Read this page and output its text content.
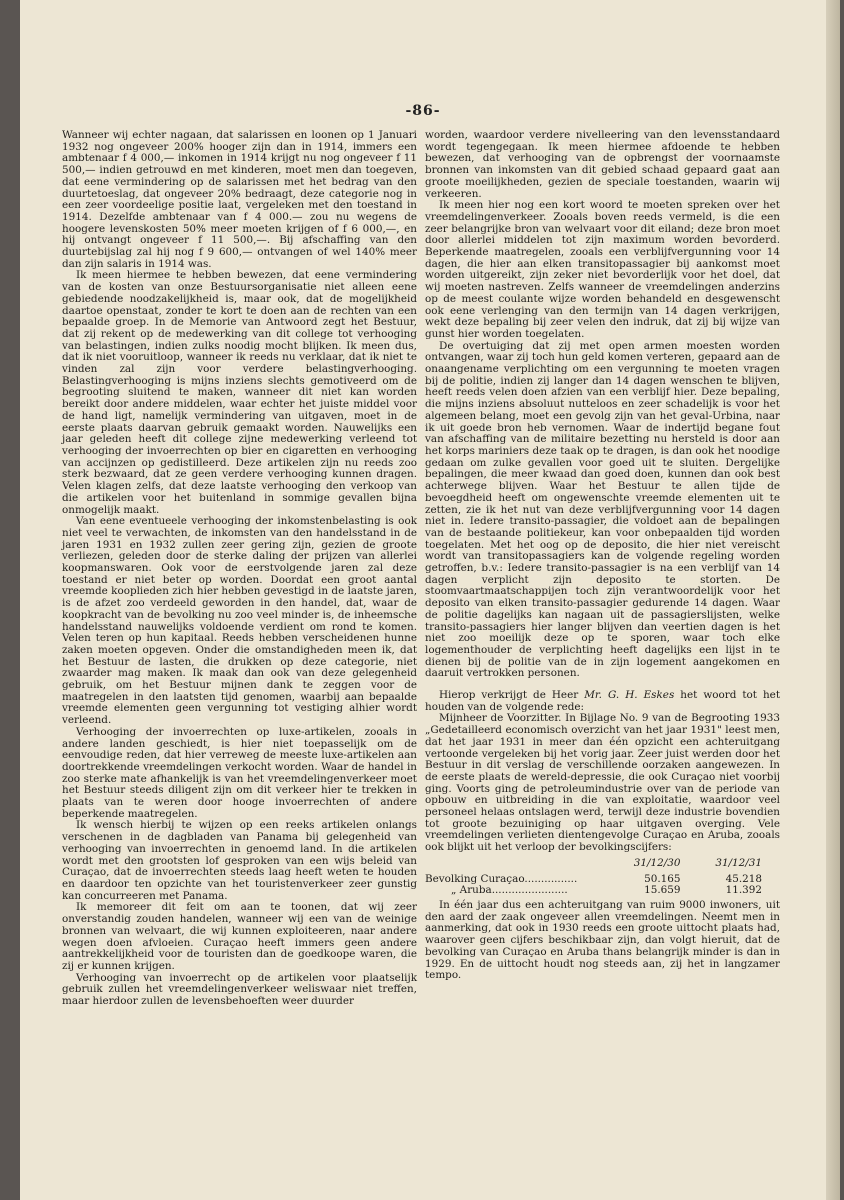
-86-

Wanneer wij echter nagaan, dat salarissen en loonen op 1 Januari 1932 nog ongeveer 200% hooger zijn dan in 1914, immers een ambtenaar f 4 000,— inkomen in 1914 krijgt nu nog ongeveer f 11 500,— indien getrouwd en met kinderen, moet men dan toegeven, dat eene vermindering op de salarissen met het bedrag van den duurtetoeslag, dat ongeveer 20% bedraagt, deze categorie nog in een zeer voordeelige positie laat, vergeleken met den toestand in 1914. Dezelfde ambtenaar van f 4 000.— zou nu wegens de hoogere levenskosten 50% meer moeten krijgen of f 6 000,—, en hij ontvangt ongeveer f 11 500,—. Bij afschaffing van den duurtebijslag zal hij nog f 9 600,— ontvangen of wel 140% meer dan zijn salaris in 1914 was.

Ik meen hiermee te hebben bewezen, dat eene vermindering van de kosten van onze Bestuursorganisatie niet alleen eene gebiedende noodzakelijkheid is, maar ook, dat de mogelijkheid daartoe openstaat, zonder te kort te doen aan de rechten van een bepaalde groep. In de Memorie van Antwoord zegt het Bestuur, dat zij rekent op de medewerking van dit college tot verhooging van belastingen, indien zulks noodig mocht blijken. Ik meen dus, dat ik niet vooruitloop, wanneer ik reeds nu verklaar, dat ik niet te vinden zal zijn voor verdere belastingverhooging. Belastingverhooging is mijns inziens slechts gemotiveerd om de begrooting sluitend te maken, wanneer dit niet kan worden bereikt door andere middelen, waar echter het juiste middel voor de hand ligt, namelijk vermindering van uitgaven, moet in de eerste plaats daarvan gebruik gemaakt worden. Nauwelijks een jaar geleden heeft dit college zijne medewerking verleend tot verhooging der invoerrechten op bier en cigaretten en verhooging van accijnzen op gedistilleerd. Deze artikelen zijn nu reeds zoo sterk bezwaard, dat ze geen verdere verhooging kunnen dragen. Velen klagen zelfs, dat deze laatste verhooging den verkoop van die artikelen voor het buitenland in sommige gevallen bijna onmogelijk maakt.

Van eene eventueele verhooging der inkomstenbelasting is ook niet veel te verwachten, de inkomsten van den handelsstand in de jaren 1931 en 1932 zullen zeer gering zijn, gezien de groote verliezen, geleden door de sterke daling der prijzen van allerlei koopmanswaren. Ook voor de eerstvolgende jaren zal deze toestand er niet beter op worden. Doordat een groot aantal vreemde kooplieden zich hier hebben gevestigd in de laatste jaren, is de afzet zoo verdeeld geworden in den handel, dat, waar de koopkracht van de bevolking nu zoo veel minder is, de inheemsche handelsstand nauwelijks voldoende verdient om rond te komen. Velen teren op hun kapitaal. Reeds hebben verscheidenen hunne zaken moeten opgeven. Onder die omstandigheden meen ik, dat het Bestuur de lasten, die drukken op deze categorie, niet zwaarder mag maken. Ik maak dan ook van deze gelegenheid gebruik, om het Bestuur mijnen dank te zeggen voor de maatregelen in den laatsten tijd genomen, waarbij aan bepaalde vreemde elementen geen vergunning tot vestiging alhier wordt verleend.

Verhooging der invoerrechten op luxe-artikelen, zooals in andere landen geschiedt, is hier niet toepasselijk om de eenvoudige reden, dat hier verreweg de meeste luxe-artikelen aan doortrekkende vreemdelingen verkocht worden. Waar de handel in zoo sterke mate afhankelijk is van het vreemdelingenverkeer moet het Bestuur steeds diligent zijn om dit verkeer hier te trekken in plaats van te weren door hooge invoerrechten of andere beperkende maatregelen.

Ik wensch hierbij te wijzen op een reeks artikelen onlangs verschenen in de dagbladen van Panama bij gelegenheid van verhooging van invoerrechten in genoemd land. In die artikelen wordt met den grootsten lof gesproken van een wijs beleid van Curaçao, dat de invoerrechten steeds laag heeft weten te houden en daardoor ten opzichte van het touristenverkeer zeer gunstig kan concurreeren met Panama.

Ik memoreer dit feit om aan te toonen, dat wij zeer onverstandig zouden handelen, wanneer wij een van de weinige bronnen van welvaart, die wij kunnen exploiteeren, naar andere wegen doen afvloeien. Curaçao heeft immers geen andere aantrekkelijkheid voor de touristen dan de goedkoope waren, die zij er kunnen krijgen.

Verhooging van invoerrecht op de artikelen voor plaatselijk gebruik zullen het vreemdelingenverkeer weliswaar niet treffen, maar hierdoor zullen de levensbehoeften weer duurder

worden, waardoor verdere nivelleering van den levensstandaard wordt tegengegaan. Ik meen hiermee afdoende te hebben bewezen, dat verhooging van de opbrengst der voornaamste bronnen van inkomsten van dit gebied schaad gepaard gaat aan groote moeilijkheden, gezien de speciale toestanden, waarin wij verkeeren.

Ik meen hier nog een kort woord te moeten spreken over het vreemdelingenverkeer. Zooals boven reeds vermeld, is die een zeer belangrijke bron van welvaart voor dit eiland; deze bron moet door allerlei middelen tot zijn maximum worden bevorderd. Beperkende maatregelen, zooals een verblijfvergunning voor 14 dagen, die hier aan elken transitopassagier bij aankomst moet worden uitgereikt, zijn zeker niet bevorderlijk voor het doel, dat wij moeten nastreven. Zelfs wanneer de vreemdelingen anderzins op de meest coulante wijze worden behandeld en desgewenscht ook eene verlenging van den termijn van 14 dagen verkrijgen, wekt deze bepaling bij zeer velen den indruk, dat zij bij wijze van gunst hier worden toegelaten.

De overtuiging dat zij met open armen moesten worden ontvangen, waar zij toch hun geld komen verteren, gepaard aan de onaangename verplichting om een vergunning te moeten vragen bij de politie, indien zij langer dan 14 dagen wenschen te blijven, heeft reeds velen doen afzien van een verblijf hier. Deze bepaling, die mijns inziens absoluut nutteloos en zeer schadelijk is voor het algemeen belang, moet een gevolg zijn van het geval-Urbina, naar ik uit goede bron heb vernomen. Waar de indertijd begane fout van afschaffing van de militaire bezetting nu hersteld is door aan het korps mariniers deze taak op te dragen, is dan ook het noodige gedaan om zulke gevallen voor goed uit te sluiten. Dergelijke bepalingen, die meer kwaad dan goed doen, kunnen dan ook best achterwege blijven. Waar het Bestuur te allen tijde de bevoegdheid heeft om ongewenschte vreemde elementen uit te zetten, zie ik het nut van deze verblijfvergunning voor 14 dagen niet in. Iedere transito-passagier, die voldoet aan de bepalingen van de bestaande politiekeur, kan voor onbepaalden tijd worden toegelaten. Met het oog op de deposito, die hier niet vereischt wordt van transitopassagiers kan de volgende regeling worden getroffen, b.v.: Iedere transito-passagier is na een verblijf van 14 dagen verplicht zijn deposito te storten. De stoomvaartmaatschappijen toch zijn verantwoordelijk voor het deposito van elken transito-passagier gedurende 14 dagen. Waar de politie dagelijks kan nagaan uit de passagierslijsten, welke transito-passagiers hier langer blijven dan veertien dagen is het niet zoo moeilijk deze op te sporen, waar toch elke logementhouder de verplichting heeft dagelijks een lijst in te dienen bij de politie van de in zijn logement aangekomen en daaruit vertrokken personen.

Hierop verkrijgt de Heer Mr. G. H. Eskes het woord tot het houden van de volgende rede:

Mijnheer de Voorzitter. In Bijlage No. 9 van de Begrooting 1933 „Gedetailleerd economisch overzicht van het jaar 1931" leest men, dat het jaar 1931 in meer dan één opzicht een achteruitgang vertoonde vergeleken bij het vorig jaar. Zeer juist werden door het Bestuur in dit verslag de verschillende oorzaken aangewezen. In de eerste plaats de wereld-depressie, die ook Curaçao niet voorbij ging. Voorts ging de petroleumindustrie over van de periode van opbouw en uitbreiding in die van exploitatie, waardoor veel personeel helaas ontslagen werd, terwijl deze industrie bovendien tot groote bezuiniging op haar uitgaven overging. Vele vreemdelingen verlieten dientengevolge Curaçao en Aruba, zooals ook blijkt uit het verloop der bevolkingscijfers:

	31/12/30	31/12/31
Bevolking Curaçao................	50.165	45.218
„ Aruba.......................	15.659	11.392

In één jaar dus een achteruitgang van ruim 9000 inwoners, uit den aard der zaak ongeveer allen vreemdelingen. Neemt men in aanmerking, dat ook in 1930 reeds een groote uittocht plaats had, waarover geen cijfers beschikbaar zijn, dan volgt hieruit, dat de bevolking van Curaçao en Aruba thans belangrijk minder is dan in 1929. En de uittocht houdt nog steeds aan, zij het in langzamer tempo.
